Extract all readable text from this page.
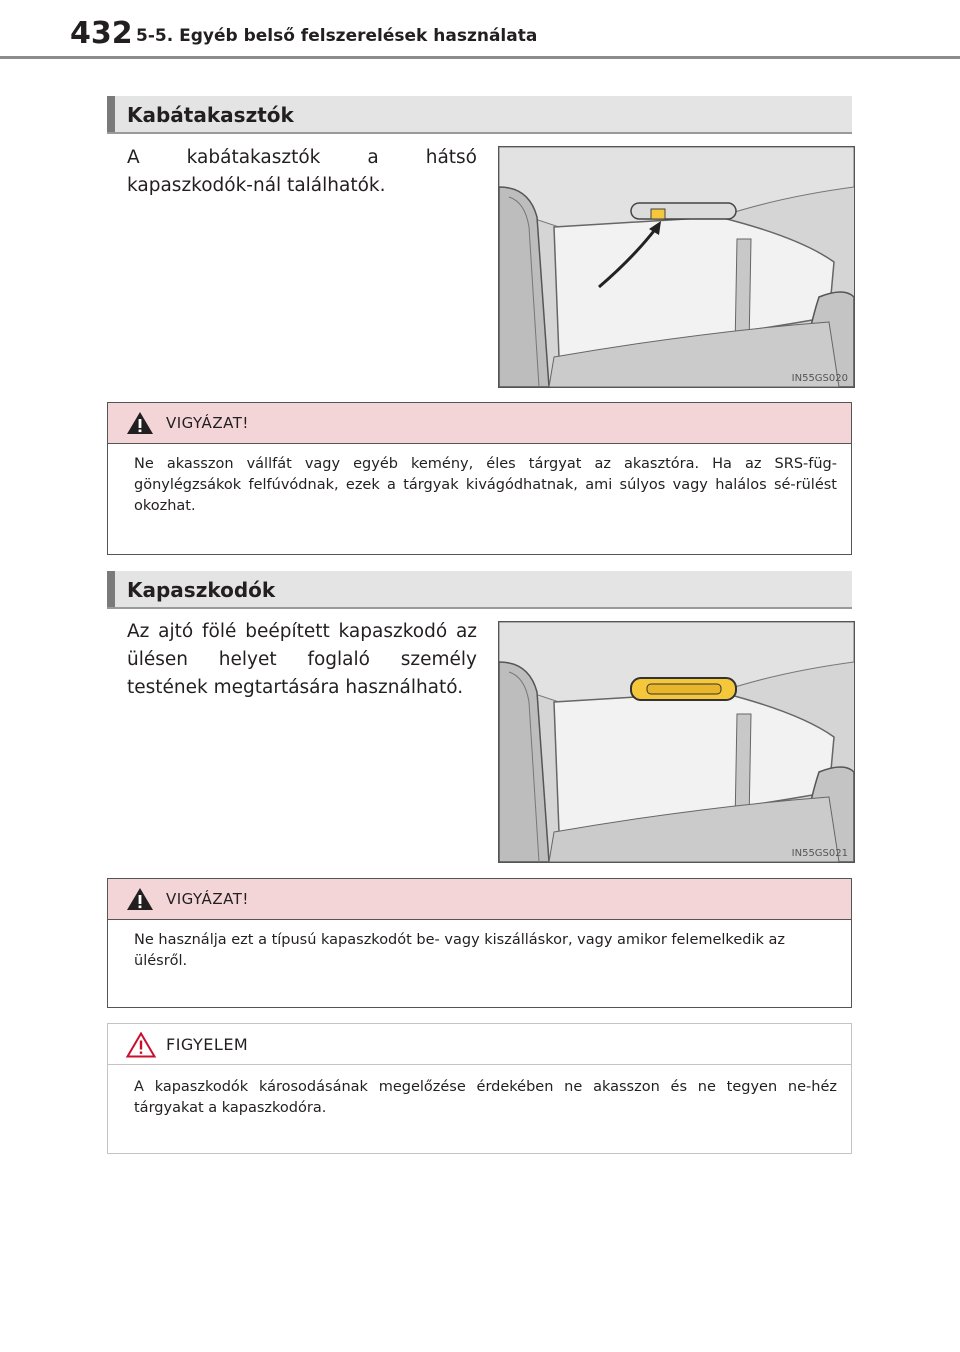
432 5-5. Egyéb belső felszerelések használata
Kabátakasztók
A kabátakasztók a hátsó kapaszkodók-nál találhatók.
IN55GS020
VIGYÁZAT!
Ne akasszon vállfát vagy egyéb kemény, éles tárgyat az akasztóra. Ha az SRS-füg-gönylégzsákok felfúvódnak, ezek a tárgyak kivágódhatnak, ami súlyos vagy halálos sé-rülést okozhat.
Kapaszkodók
Az ajtó fölé beépített kapaszkodó az ülésen helyet foglaló személy testének megtartására használható.
IN55GS021
VIGYÁZAT!
Ne használja ezt a típusú kapaszkodót be- vagy kiszálláskor, vagy amikor felemelkedik az ülésről.
FIGYELEM
A kapaszkodók károsodásának megelőzése érdekében ne akasszon és ne tegyen ne-héz tárgyakat a kapaszkodóra.
